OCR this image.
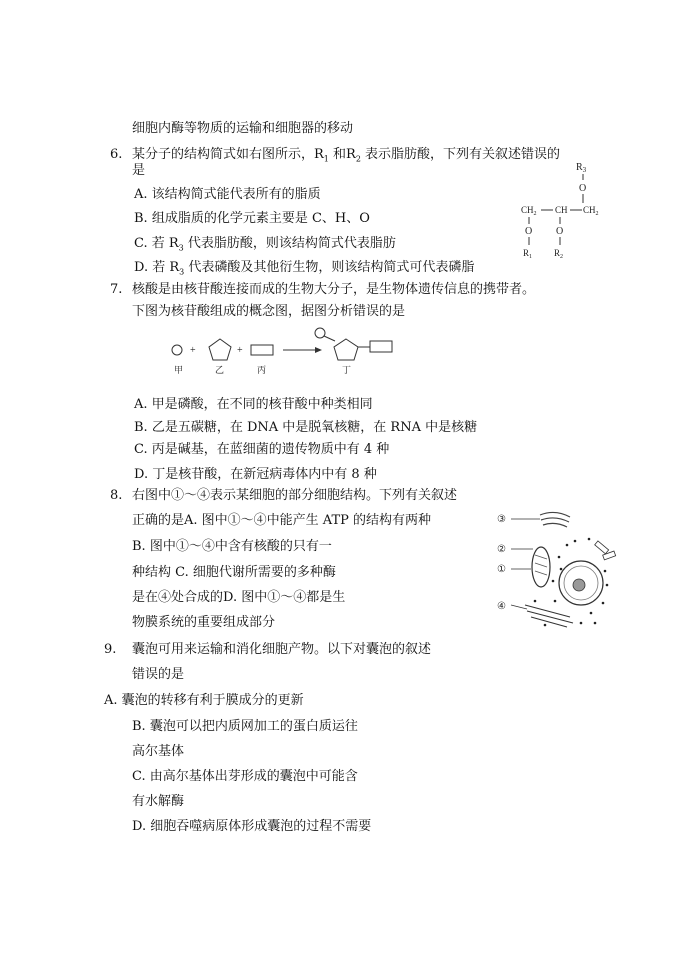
细胞内酶等物质的运输和细胞器的移动
6. 某分子的结构简式如右图所示，$R_1$ 和$R_2$ 表示脂肪酸，下列有关叙述错误的
是
A. 该结构简式能代表所有的脂质
B. 组成脂质的化学元素主要是 C、H、O
C. 若 $R_3$ 代表脂肪酸，则该结构简式代表脂肪
D. 若 $R_3$ 代表磷酸及其他衍生物，则该结构简式可代表磷脂
7. 核酸是由核苷酸连接而成的生物大分子，是生物体遗传信息的携带者。
下图为核苷酸组成的概念图，据图分析错误的是
A. 甲是磷酸，在不同的核苷酸中种类相同
B. 乙是五碳糖，在 DNA 中是脱氧核糖，在 RNA 中是核糖
C. 丙是碱基，在蓝细菌的遗传物质中有 4 种
D. 丁是核苷酸，在新冠病毒体内中有 8 种
8. 右图中①～④表示某细胞的部分细胞结构。下列有关叙述
正确的是A. 图中①～④中能产生 ATP 的结构有两种
B. 图中①～④中含有核酸的只有一
种结构 C. 细胞代谢所需要的多种酶
是在④处合成的D. 图中①～④都是生
物膜系统的重要组成部分
9. 囊泡可用来运输和消化细胞产物。以下对囊泡的叙述
错误的是
A. 囊泡的转移有利于膜成分的更新
B. 囊泡可以把内质网加工的蛋白质运往
高尔基体
C. 由高尔基体出芽形成的囊泡中可能含
有水解酶
D. 细胞吞噬病原体形成囊泡的过程不需要
$R_3$
O
$CH_2$ CH $CH_2$
O
$R_1$
O
$R_2$
甲
+
乙
+
丙	丁
③
②
①
④
